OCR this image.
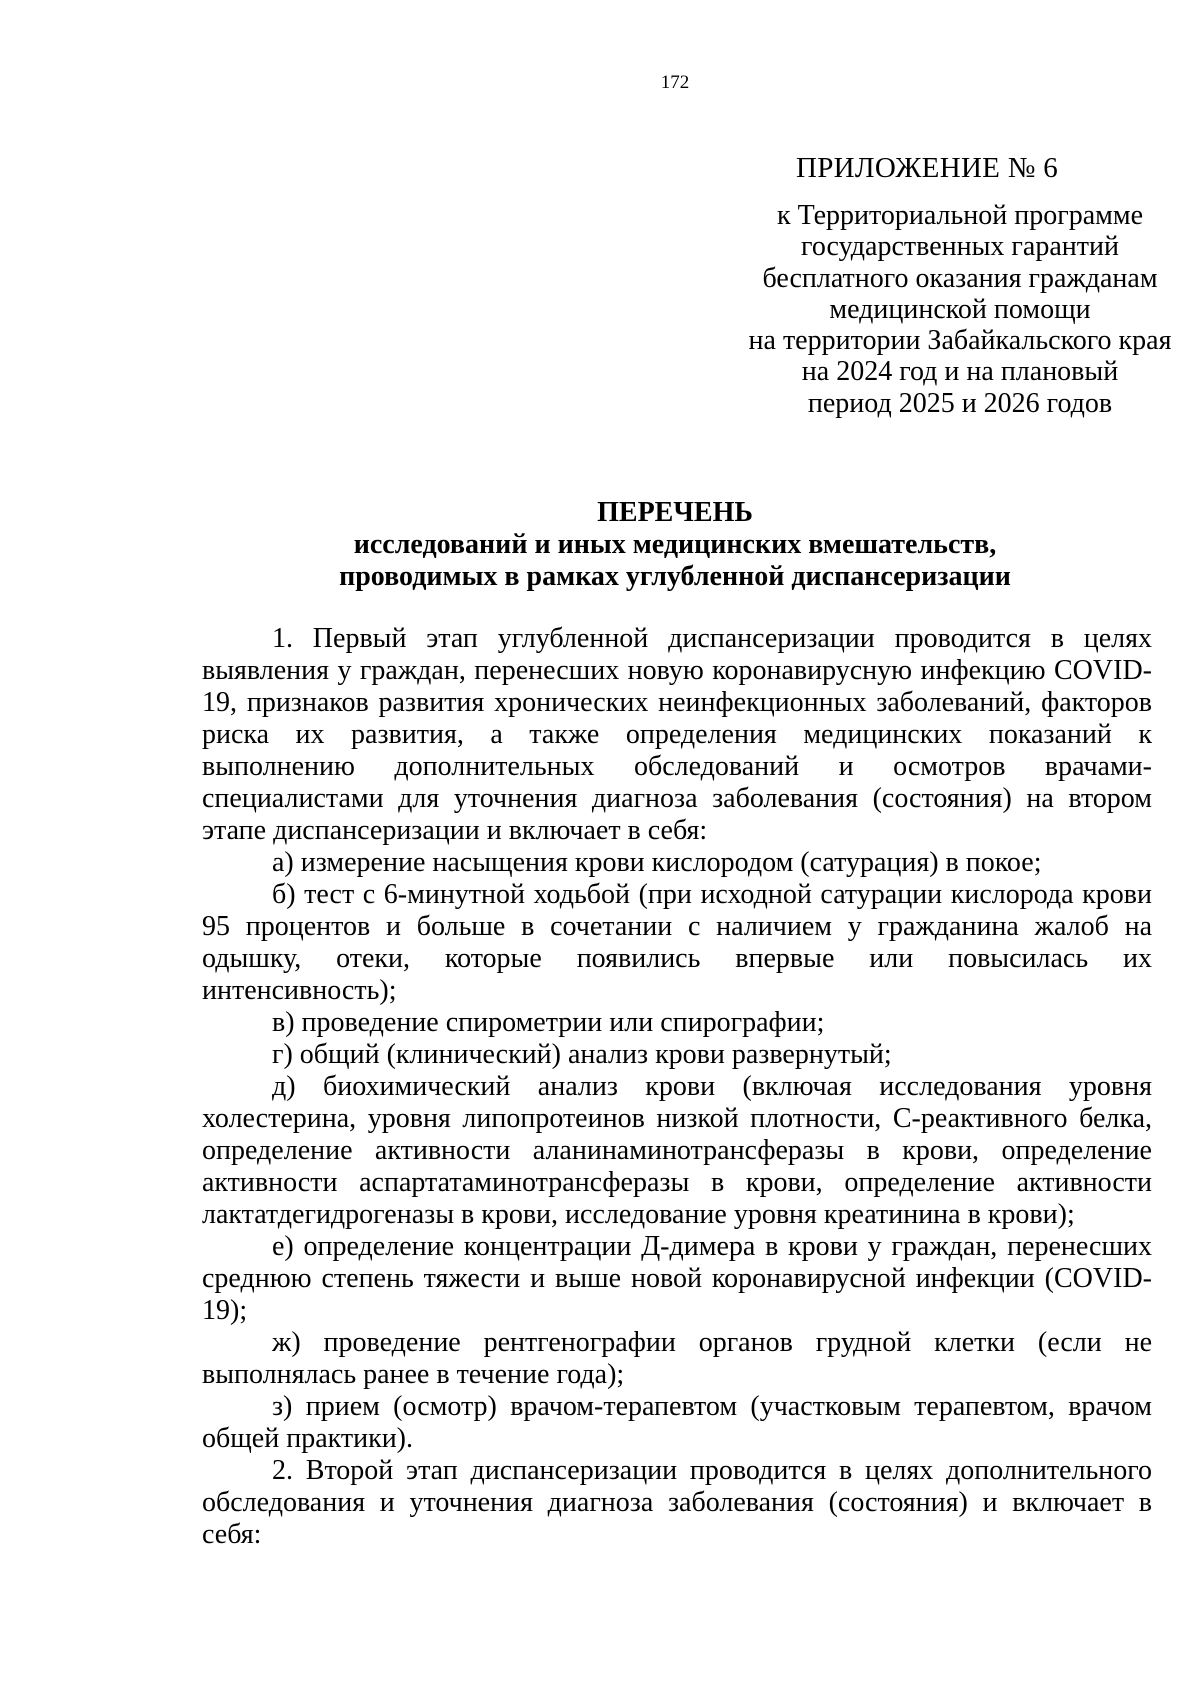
172
ПРИЛОЖЕНИЕ № 6
к Территориальной программе
государственных гарантий
бесплатного оказания гражданам
медицинской помощи
на территории Забайкальского края
на 2024 год и на плановый
период 2025 и 2026 годов
ПЕРЕЧЕНЬ
исследований и иных медицинских вмешательств,
проводимых в рамках углубленной диспансеризации

1. Первый этап углубленной диспансеризации проводится в целях выявления у граждан, перенесших новую коронавирусную инфекцию COVID-19, признаков развития хронических неинфекционных заболеваний, факторов риска их развития, а также определения медицинских показаний к выполнению дополнительных обследований и осмотров врачами-специалистами для уточнения диагноза заболевания (состояния) на втором этапе диспансеризации и включает в себя:

а) измерение насыщения крови кислородом (сатурация) в покое;

б) тест с 6-минутной ходьбой (при исходной сатурации кислорода крови 95 процентов и больше в сочетании с наличием у гражданина жалоб на одышку, отеки, которые появились впервые или повысилась их интенсивность);

в) проведение спирометрии или спирографии;

г) общий (клинический) анализ крови развернутый;

д) биохимический анализ крови (включая исследования уровня холестерина, уровня липопротеинов низкой плотности, С-реактивного белка, определение активности аланинаминотрансферазы в крови, определение активности аспартатаминотрансферазы в крови, определение активности лактатдегидрогеназы в крови, исследование уровня креатинина в крови);

е) определение концентрации Д-димера в крови у граждан, перенесших среднюю степень тяжести и выше новой коронавирусной инфекции (COVID-19);

ж) проведение рентгенографии органов грудной клетки (если не выполнялась ранее в течение года);

з) прием (осмотр) врачом-терапевтом (участковым терапевтом, врачом общей практики).

2. Второй этап диспансеризации проводится в целях дополнительного обследования и уточнения диагноза заболевания (состояния) и включает в себя:
